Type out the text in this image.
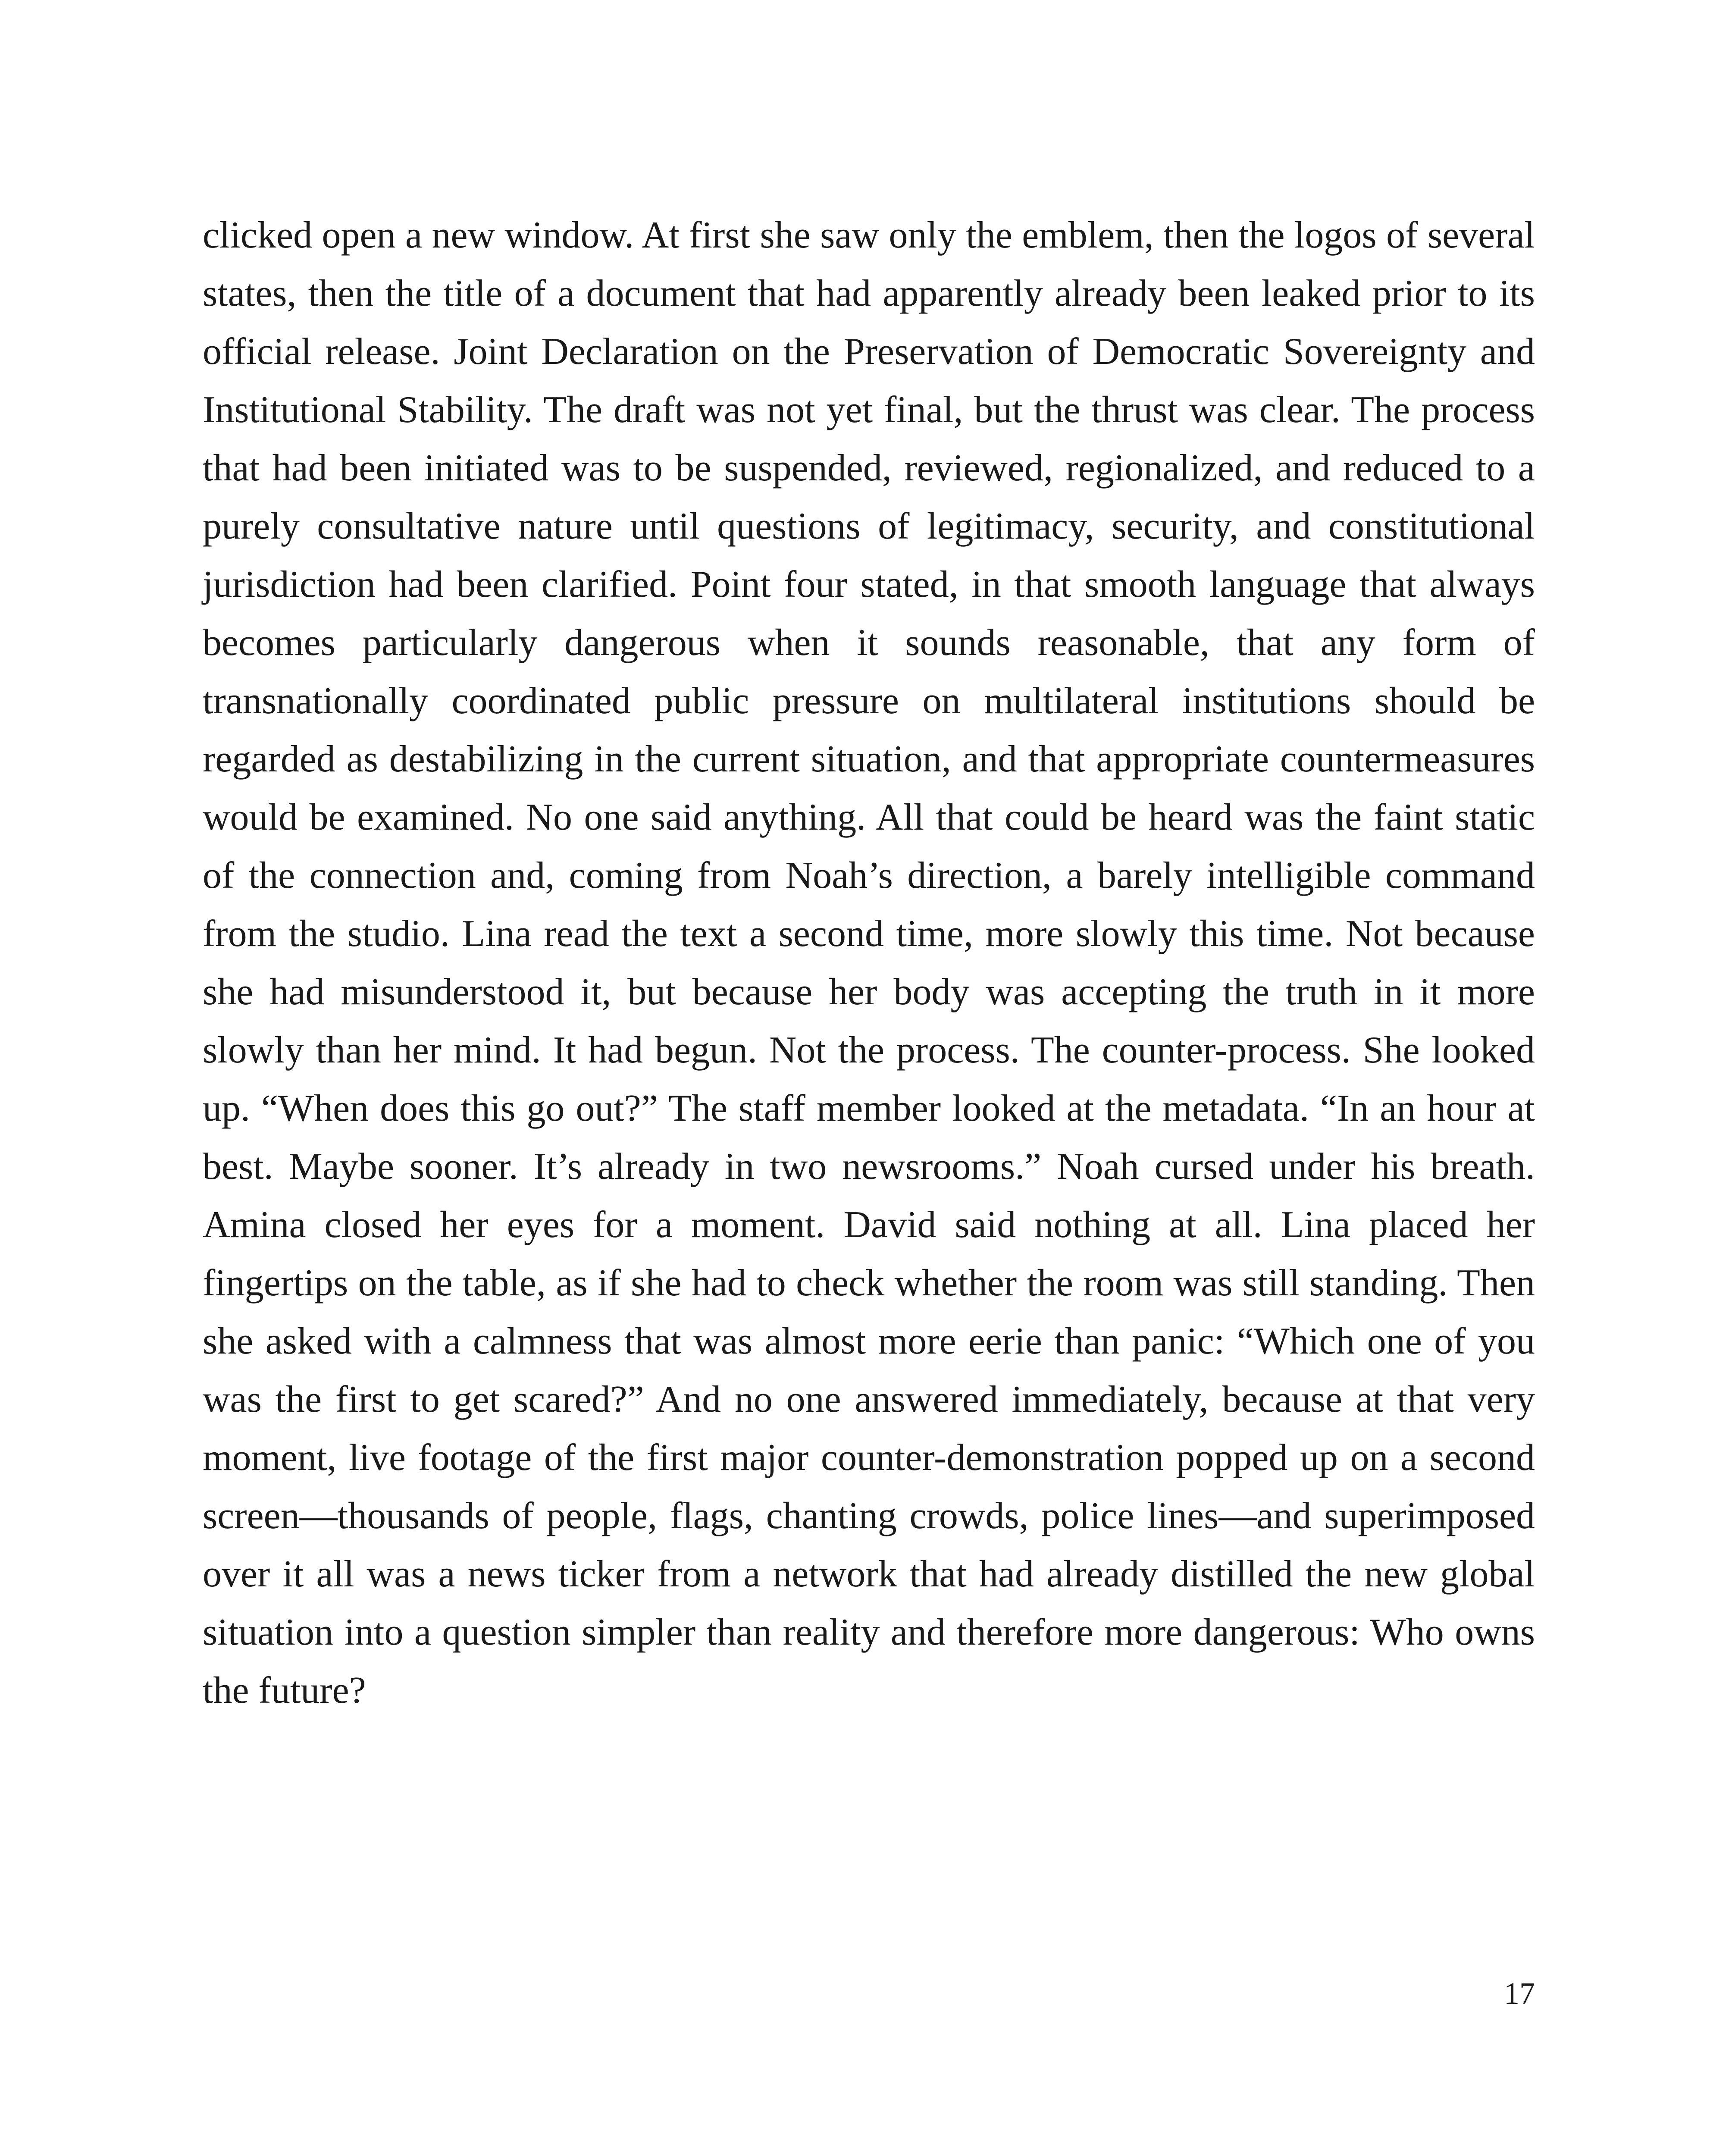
clicked open a new window. At first she saw only the emblem, then the logos of several states, then the title of a document that had apparently already been leaked prior to its official release. Joint Declaration on the Preservation of Democratic Sovereignty and Institutional Stability. The draft was not yet final, but the thrust was clear. The process that had been initiated was to be suspended, reviewed, regionalized, and reduced to a purely consultative nature until questions of legitimacy, security, and constitutional jurisdiction had been clarified. Point four stated, in that smooth language that always becomes particularly dangerous when it sounds reasonable, that any form of transnationally coordinated public pressure on multilateral institutions should be regarded as destabilizing in the current situation, and that appropriate countermeasures would be examined. No one said anything. All that could be heard was the faint static of the connection and, coming from Noah’s direction, a barely intelligible command from the studio. Lina read the text a second time, more slowly this time. Not because she had misunderstood it, but because her body was accepting the truth in it more slowly than her mind. It had begun. Not the process. The counter-process. She looked up. “When does this go out?” The staff member looked at the metadata. “In an hour at best. Maybe sooner. It’s already in two newsrooms.” Noah cursed under his breath. Amina closed her eyes for a moment. David said nothing at all. Lina placed her fingertips on the table, as if she had to check whether the room was still standing. Then she asked with a calmness that was almost more eerie than panic: “Which one of you was the first to get scared?” And no one answered immediately, because at that very moment, live footage of the first major counter-demonstration popped up on a second screen—thousands of people, flags, chanting crowds, police lines—and superimposed over it all was a news ticker from a network that had already distilled the new global situation into a question simpler than reality and therefore more dangerous: Who owns the future?

17
